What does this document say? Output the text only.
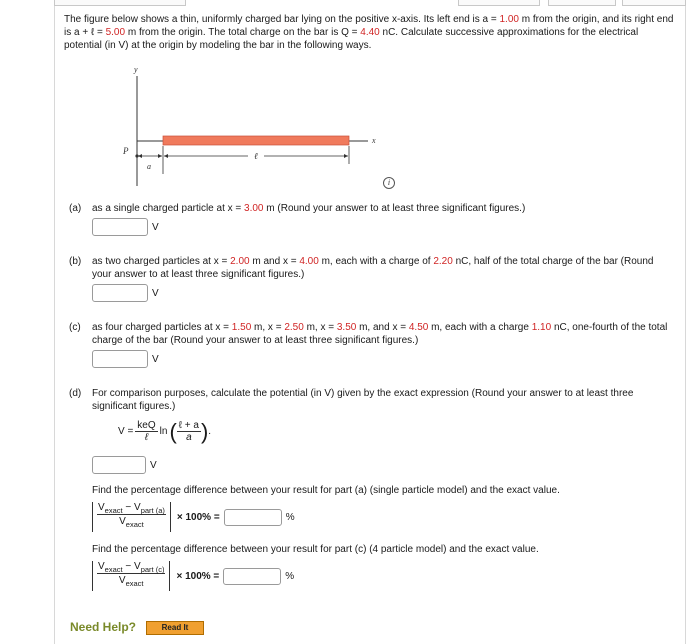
The figure below shows a thin, uniformly charged bar lying on the positive x-axis. Its left end is a = 1.00 m from the origin, and its right end is a + ℓ = 5.00 m from the origin. The total charge on the bar is Q = 4.40 nC. Calculate successive approximations for the electrical potential (in V) at the origin by modeling the bar in the following ways.
y
x
P
a
ℓ
i
(a) as a single charged particle at x = 3.00 m (Round your answer to at least three significant figures.)
V
(b) as two charged particles at x = 2.00 m and x = 4.00 m, each with a charge of 2.20 nC, half of the total charge of the bar (Round your answer to at least three significant figures.)
V
(c) as four charged particles at x = 1.50 m, x = 2.50 m, x = 3.50 m, and x = 4.50 m, each with a charge 1.10 nC, one-fourth of the total charge of the bar (Round your answer to at least three significant figures.)
V
(d) For comparison purposes, calculate the potential (in V) given by the exact expression (Round your answer to at least three significant figures.)
V =
keQ
ℓ
ln ( ℓ + a
a ) .
V
Find the percentage difference between your result for part (a) (single particle model) and the exact value.
$V_{exact} - V_{part (a)}$
$V_{exact}$
× 100% =	%
Find the percentage difference between your result for part (c) (4 particle model) and the exact value.
$V_{exact} - V_{part (c)}$
$V_{exact}$
× 100% =	%
Need Help?	Read It
